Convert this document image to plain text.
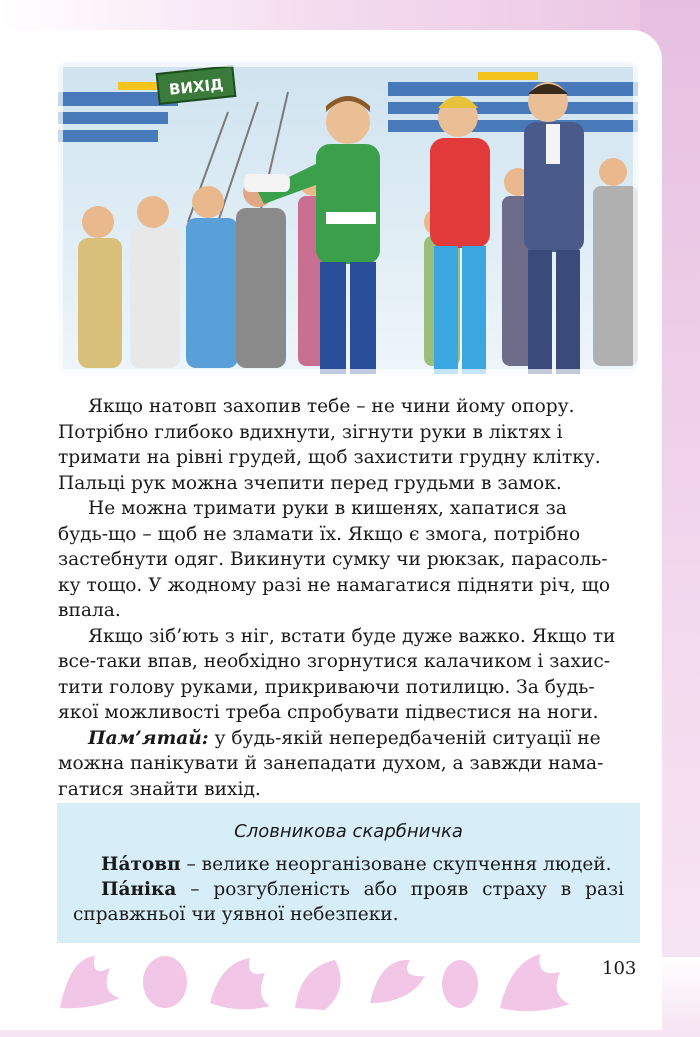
ВИХІД

Якщо натовп захопив тебе – не чини йому опору.
Потрібно глибоко вдихнути, зігнути руки в ліктях і
тримати на рівні грудей, щоб захистити грудну клітку.
Пальці рук можна зчепити перед грудьми в замок.

Не можна тримати руки в кишенях, хапатися за
будь-що – щоб не зламати їх. Якщо є змога, потрібно
застебнути одяг. Викинути сумку чи рюкзак, парасоль-
ку тощо. У жодному разі не намагатися підняти річ, що
впала.

Якщо зіб’ють з ніг, встати буде дуже важко. Якщо ти
все-таки впав, необхідно згорнутися калачиком і захис-
тити голову руками, прикриваючи потилицю. За будь-
якої можливості треба спробувати підвестися на ноги.

Пам’ятай: у будь-якій непередбаченій ситуації не
можна панікувати й занепадати духом, а завжди нама-
гатися знайти вихід.

Словникова скарбничка

На́товп – велике неорганізоване скупчення людей.

Па́ніка – розгубленість або прояв страху в разі справжньої чи уявної небезпеки.

103
